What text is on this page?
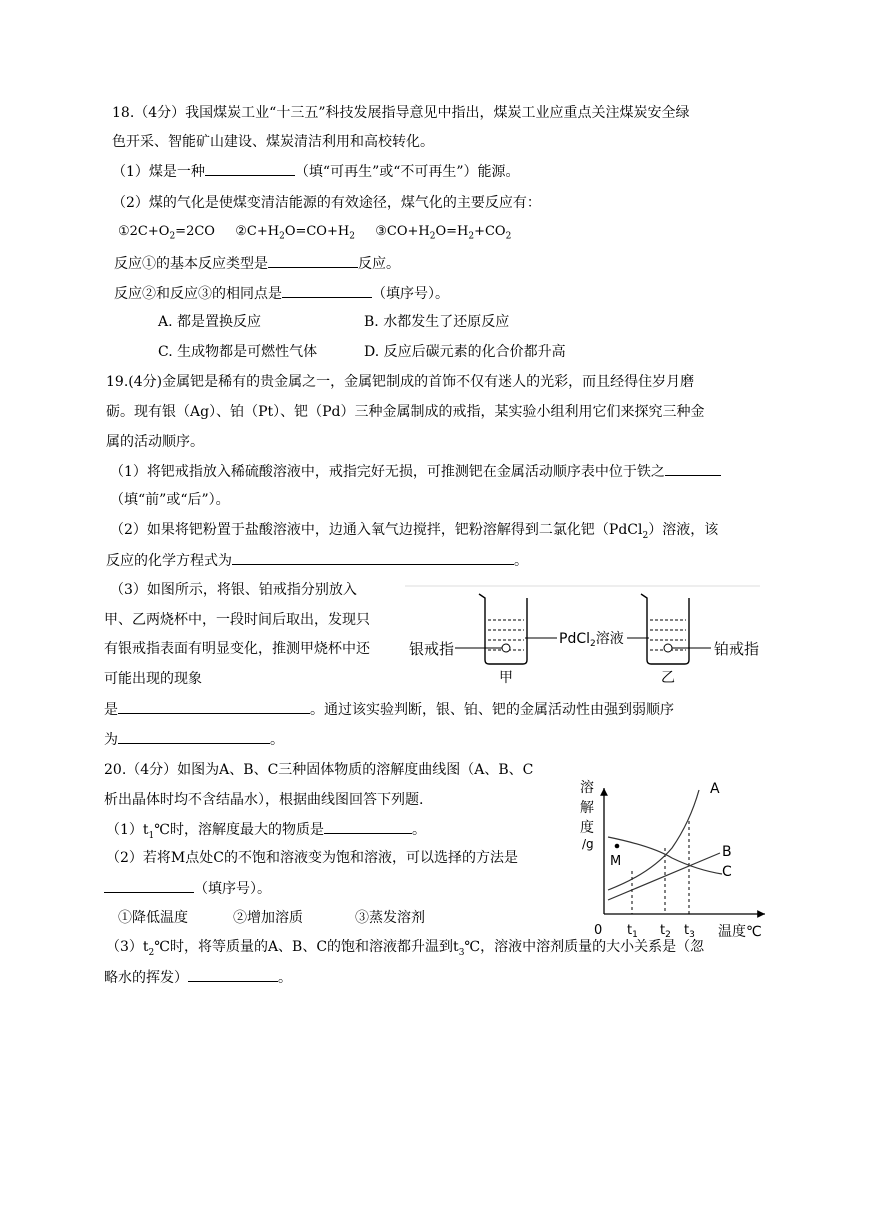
18.（4分）我国煤炭工业“十三五”科技发展指导意见中指出，煤炭工业应重点关注煤炭安全绿
色开采、智能矿山建设、煤炭清洁利用和高校转化。
（1）煤是一种	（填“可再生”或“不可再生”）能源。
（2）煤的气化是使煤变清洁能源的有效途径，煤气化的主要反应有：
$①2C+O_2=2CO$ $②C+H_2O=CO+H_2$ $③CO+H_2O=H_2+CO_2$
反应①的基本反应类型是	反应。
反应②和反应③的相同点是	（填序号）。
A. 都是置换反应	B. 水都发生了还原反应
C. 生成物都是可燃性气体	D. 反应后碳元素的化合价都升高
19.(4分)金属钯是稀有的贵金属之一，金属钯制成的首饰不仅有迷人的光彩，而且经得住岁月磨
砺。现有银（Ag）、铂（Pt）、钯（Pd）三种金属制成的戒指，某实验小组利用它们来探究三种金
属的活动顺序。
（1）将钯戒指放入稀硫酸溶液中，戒指完好无损，可推测钯在金属活动顺序表中位于铁之
（填“前”或“后”）。
（2）如果将钯粉置于盐酸溶液中，边通入氧气边搅拌，钯粉溶解得到二氯化钯（PdCl$_2$）溶液，该
反应的化学方程式为	。
（3）如图所示，将银、铂戒指分别放入
甲、乙两烧杯中，一段时间后取出，发现只
有银戒指表面有明显变化，推测甲烧杯中还
可能出现的现象
是	。通过该实验判断，银、铂、钯的金属活动性由强到弱顺序
为	。
银戒指
PdCl$_2$溶液
铂戒指
甲	乙
20.（4分）如图为A、B、C三种固体物质的溶解度曲线图（A、B、C
析出晶体时均不含结晶水），根据曲线图回答下列题.
$(1)t_1℃$时，溶解度最大的物质是	。
（2）若将M点处C的不饱和溶液变为饱和溶液，可以选择的方法是
（填序号）。
①降低温度	②增加溶质	③蒸发溶剂
$(3)t_2℃$时，将等质量的A、B、C的饱和溶液都升温到$t_3℃$，溶液中溶剂质量的大小关系是（忽
略水的挥发）	。
溶
解
度
/g
M
A
B
C
0 $t_1$ $t_2$ $t_3$ 温度℃
